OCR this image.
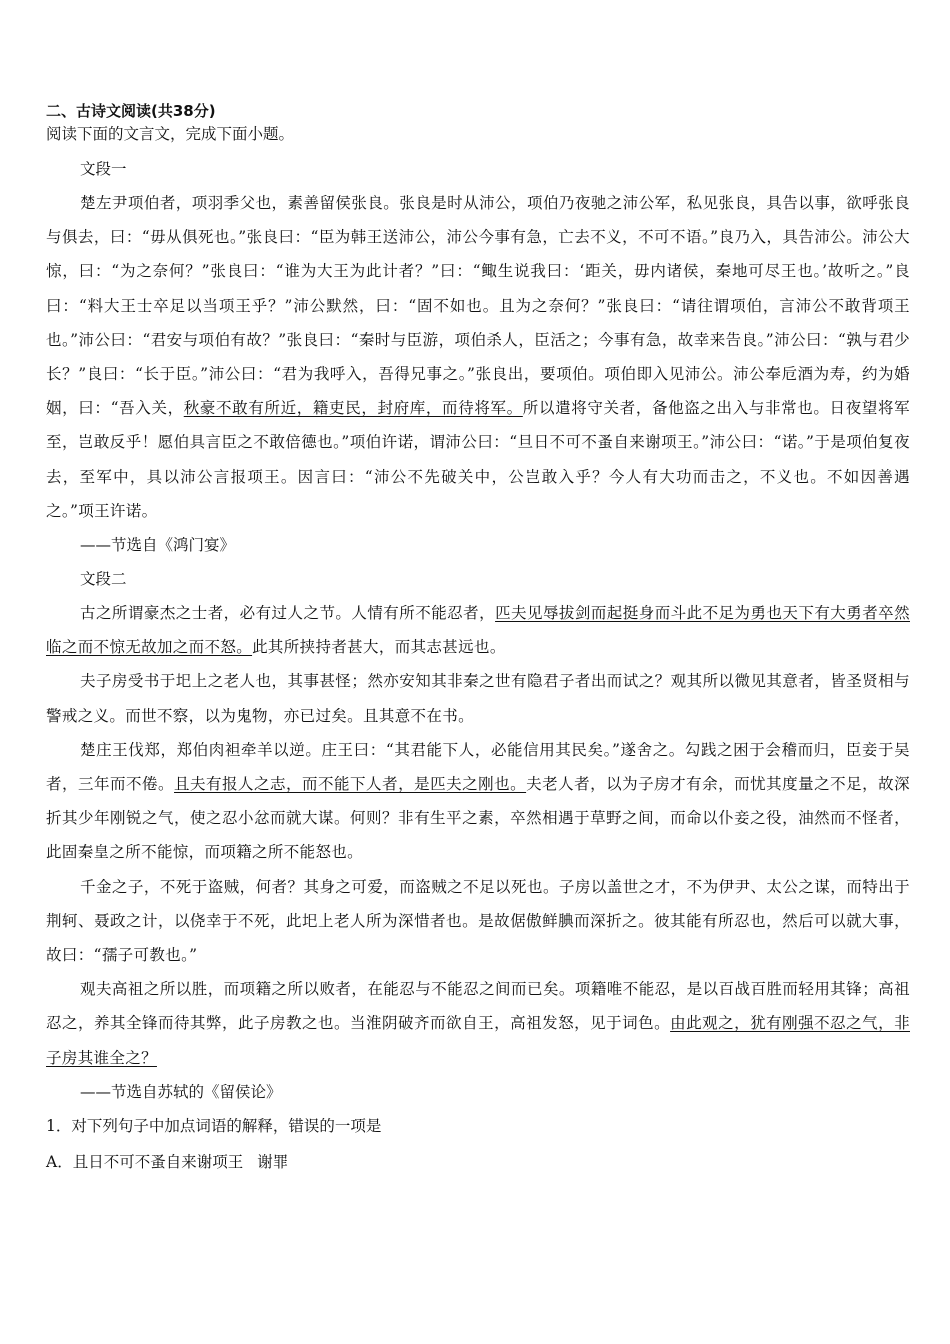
二、古诗文阅读(共38分)

阅读下面的文言文，完成下面小题。

文段一

楚左尹项伯者，项羽季父也，素善留侯张良。张良是时从沛公，项伯乃夜驰之沛公军，私见张良，具告以事，欲呼张良与俱去，曰：“毋从俱死也。”张良曰：“臣为韩王送沛公，沛公今事有急，亡去不义，不可不语。”良乃入，具告沛公。沛公大惊，曰：“为之奈何？”张良曰：“谁为大王为此计者？”曰：“鲰生说我曰：‘距关，毋内诸侯，秦地可尽王也。’故听之。”良曰：“料大王士卒足以当项王乎？”沛公默然，曰：“固不如也。且为之奈何？”张良曰：“请往谓项伯，言沛公不敢背项王也。”沛公曰：“君安与项伯有故？”张良曰：“秦时与臣游，项伯杀人，臣活之；今事有急，故幸来告良。”沛公曰：“孰与君少长？”良曰：“长于臣。”沛公曰：“君为我呼入，吾得兄事之。”张良出，要项伯。项伯即入见沛公。沛公奉卮酒为寿，约为婚姻，曰：“吾入关，秋豪不敢有所近，籍吏民，封府库，而待将军。所以遣将守关者，备他盗之出入与非常也。日夜望将军至，岂敢反乎！愿伯具言臣之不敢倍德也。”项伯许诺，谓沛公曰：“旦日不可不蚤自来谢项王。”沛公曰：“诺。”于是项伯复夜去，至军中，具以沛公言报项王。因言曰：“沛公不先破关中，公岂敢入乎？今人有大功而击之，不义也。不如因善遇之。”项王许诺。

——节选自《鸿门宴》

文段二

古之所谓豪杰之士者，必有过人之节。人情有所不能忍者，匹夫见辱拔剑而起挺身而斗此不足为勇也天下有大勇者卒然临之而不惊无故加之而不怒。此其所挟持者甚大，而其志甚远也。

夫子房受书于圯上之老人也，其事甚怪；然亦安知其非秦之世有隐君子者出而试之？观其所以微见其意者，皆圣贤相与警戒之义。而世不察，以为鬼物，亦已过矣。且其意不在书。

楚庄王伐郑，郑伯肉袒牵羊以逆。庄王曰：“其君能下人，必能信用其民矣。”遂舍之。勾践之困于会稽而归，臣妾于吴者，三年而不倦。且夫有报人之志，而不能下人者，是匹夫之刚也。夫老人者，以为子房才有余，而忧其度量之不足，故深折其少年刚锐之气，使之忍小忿而就大谋。何则？非有生平之素，卒然相遇于草野之间，而命以仆妾之役，油然而不怪者，此固秦皇之所不能惊，而项籍之所不能怒也。

千金之子，不死于盗贼，何者？其身之可爱，而盗贼之不足以死也。子房以盖世之才，不为伊尹、太公之谋，而特出于荆轲、聂政之计，以侥幸于不死，此圯上老人所为深惜者也。是故倨傲鲜腆而深折之。彼其能有所忍也，然后可以就大事，故曰：“孺子可教也。”

观夫高祖之所以胜，而项籍之所以败者，在能忍与不能忍之间而已矣。项籍唯不能忍，是以百战百胜而轻用其锋；高祖忍之，养其全锋而待其弊，此子房教之也。当淮阴破齐而欲自王，高祖发怒，见于词色。由此观之，犹有刚强不忍之气，非子房其谁全之？

——节选自苏轼的《留侯论》

1．对下列句子中加点词语的解释，错误的一项是

A．且日不可不蚤自来谢项王 谢罪
